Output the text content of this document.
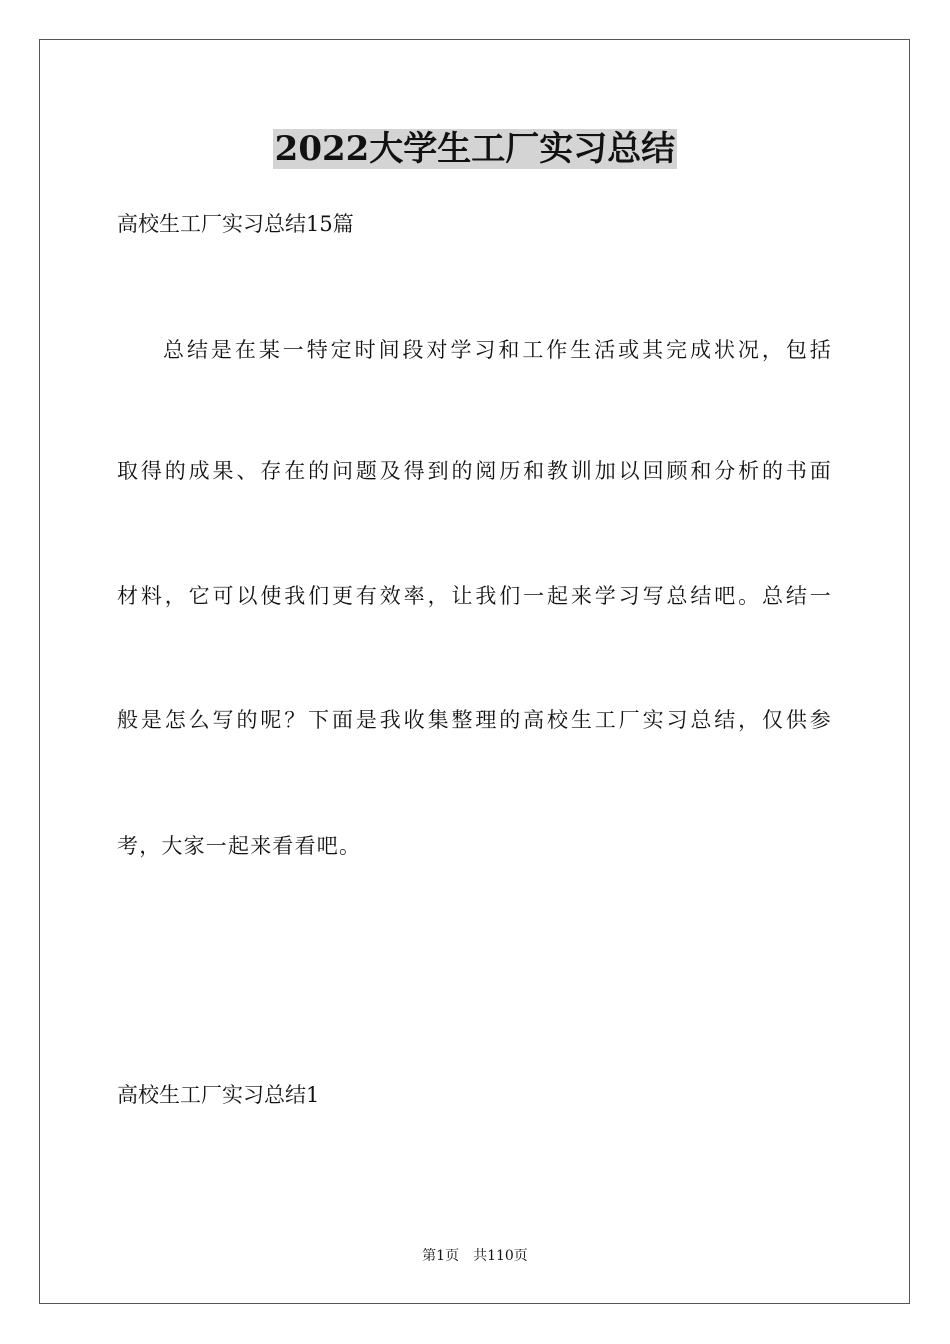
2022大学生工厂实习总结
高校生工厂实习总结15篇
总结是在某一特定时间段对学习和工作生活或其完成状况，包括
取得的成果、存在的问题及得到的阅历和教训加以回顾和分析的书面
材料，它可以使我们更有效率，让我们一起来学习写总结吧。总结一
般是怎么写的呢？下面是我收集整理的高校生工厂实习总结，仅供参
考，大家一起来看看吧。
高校生工厂实习总结1
第1页　共110页
